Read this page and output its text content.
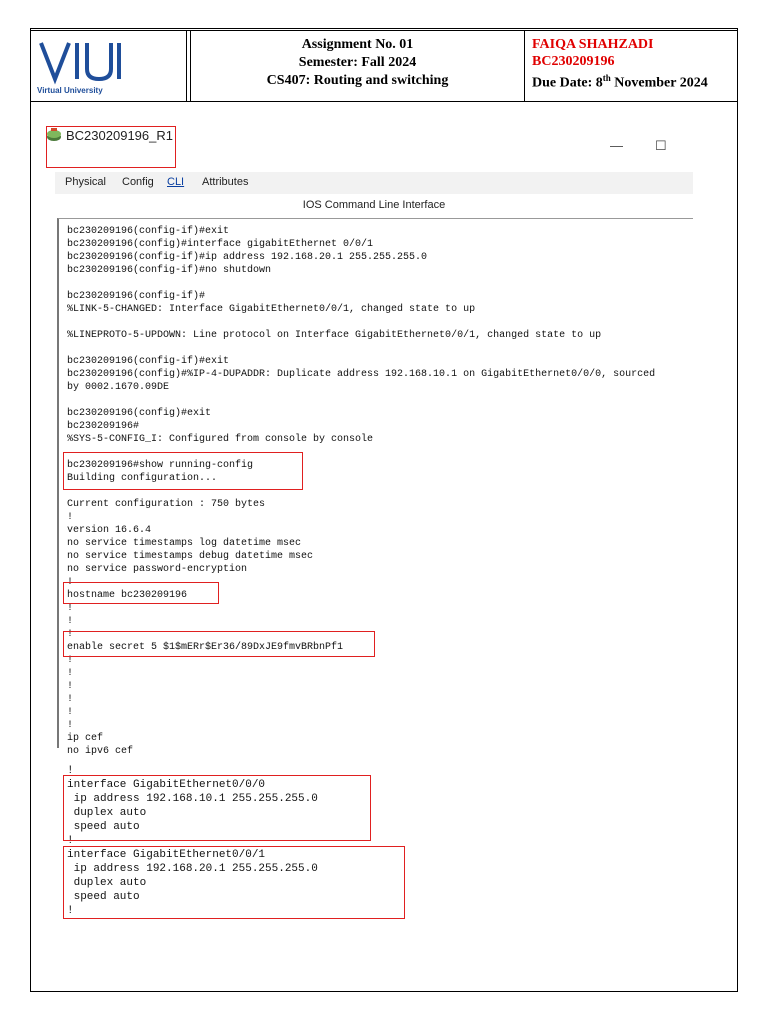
Virtual University
Assignment No. 01
Semester: Fall 2024
CS407: Routing and switching
FAIQA SHAHZADI
BC230209196
Due Date: 8th November 2024
BC230209196_R1
— ☐
Physical Config CLI Attributes
IOS Command Line Interface
bc230209196(config-if)#exit
bc230209196(config)#interface gigabitEthernet 0/0/1
bc230209196(config-if)#ip address 192.168.20.1 255.255.255.0
bc230209196(config-if)#no shutdown

bc230209196(config-if)#
%LINK-5-CHANGED: Interface GigabitEthernet0/0/1, changed state to up

%LINEPROTO-5-UPDOWN: Line protocol on Interface GigabitEthernet0/0/1, changed state to up

bc230209196(config-if)#exit
bc230209196(config)#%IP-4-DUPADDR: Duplicate address 192.168.10.1 on GigabitEthernet0/0/0, sourced
by 0002.1670.09DE

bc230209196(config)#exit
bc230209196#
%SYS-5-CONFIG_I: Configured from console by console

bc230209196#show running-config
Building configuration...

Current configuration : 750 bytes
!
version 16.6.4
no service timestamps log datetime msec
no service timestamps debug datetime msec
no service password-encryption
!
hostname bc230209196
!
!
!
enable secret 5 $1$mERr$Er36/89DxJE9fmvBRbnPf1
!
!
!
!
!
!
ip cef
no ipv6 cef
!
interface GigabitEthernet0/0/0
ip address 192.168.10.1 255.255.255.0
duplex auto
speed auto
!
interface GigabitEthernet0/0/1
ip address 192.168.20.1 255.255.255.0
duplex auto
speed auto
!
